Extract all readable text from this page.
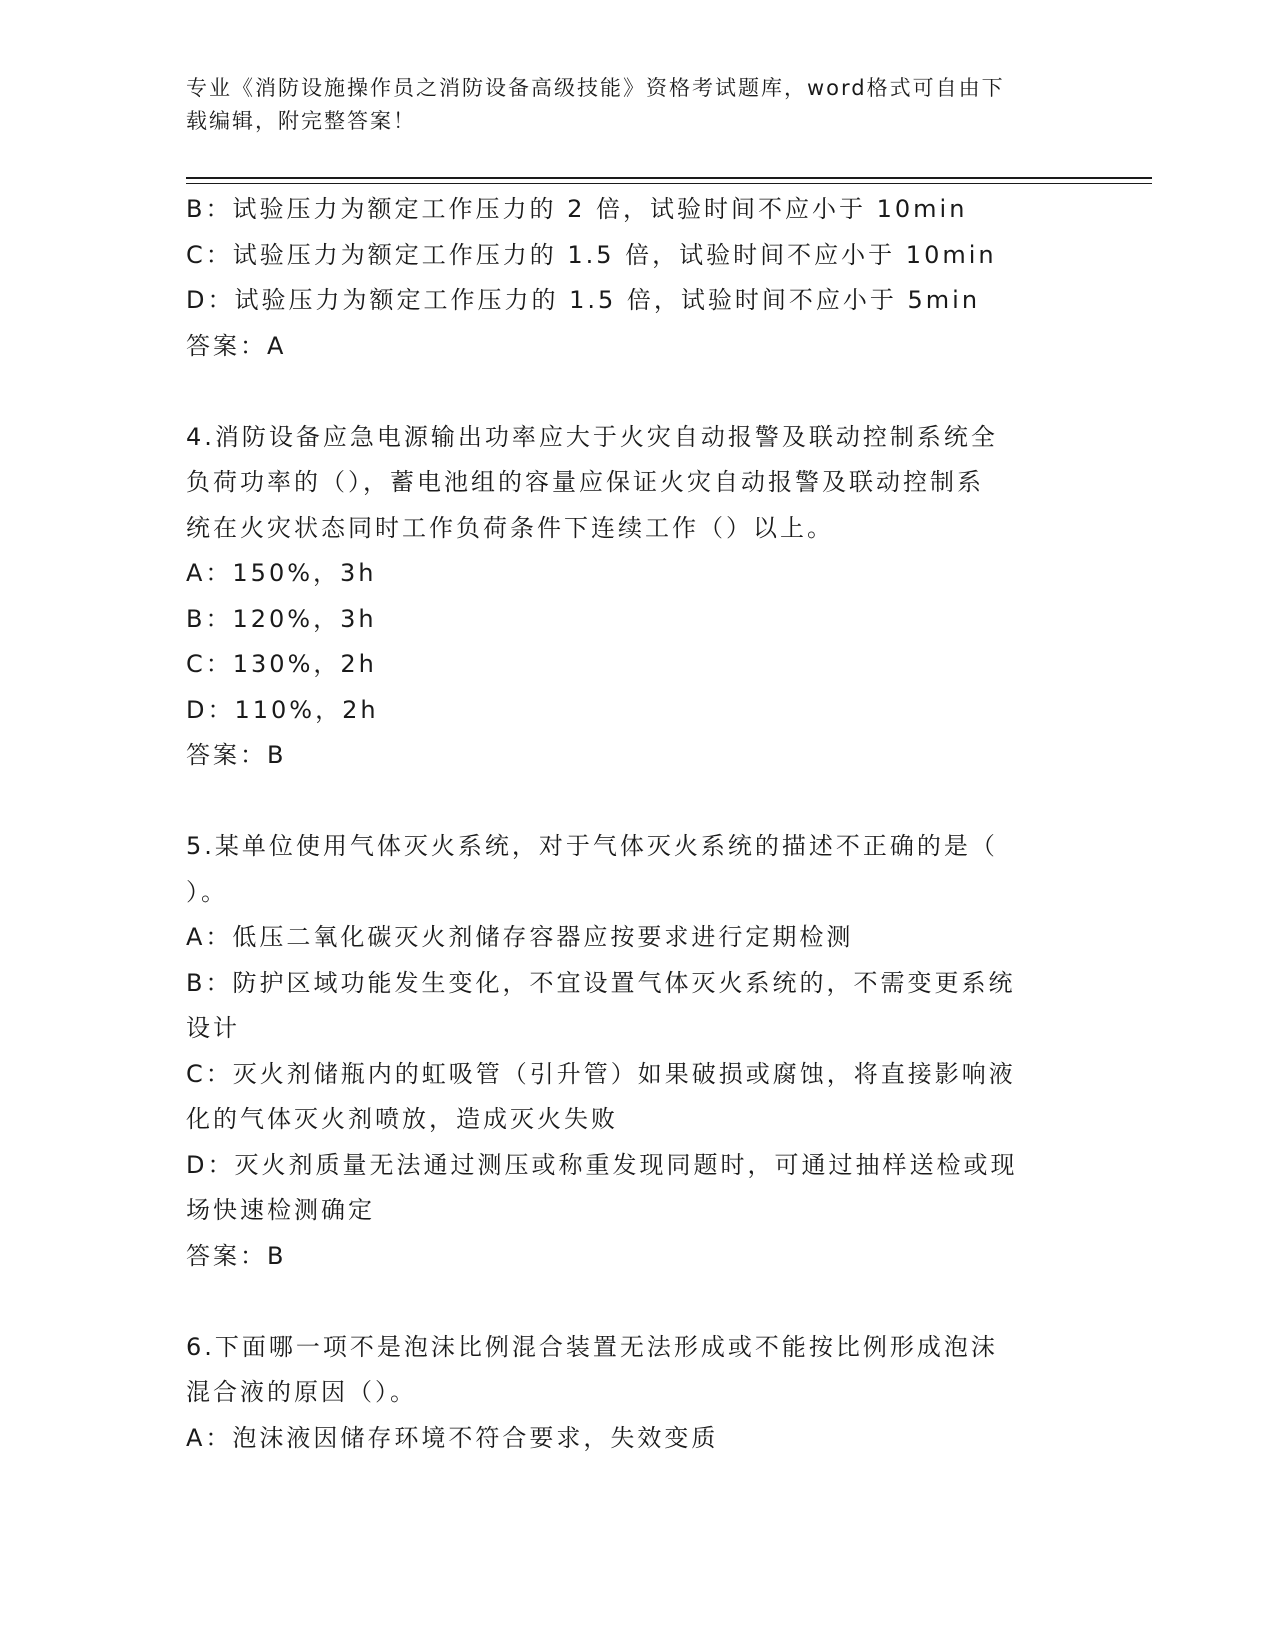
专业《消防设施操作员之消防设备高级技能》资格考试题库，word格式可自由下
载编辑，附完整答案！
B：试验压力为额定工作压力的 2 倍，试验时间不应小于 10min
C：试验压力为额定工作压力的 1.5 倍，试验时间不应小于 10min
D：试验压力为额定工作压力的 1.5 倍，试验时间不应小于 5min
答案：A
4.消防设备应急电源输出功率应大于火灾自动报警及联动控制系统全
负荷功率的（），蓄电池组的容量应保证火灾自动报警及联动控制系
统在火灾状态同时工作负荷条件下连续工作（）以上。
A：150%，3h
B：120%，3h
C：130%，2h
D：110%，2h
答案：B
5.某单位使用气体灭火系统，对于气体灭火系统的描述不正确的是（
）。
A：低压二氧化碳灭火剂储存容器应按要求进行定期检测
B：防护区域功能发生变化，不宜设置气体灭火系统的，不需变更系统
设计
C：灭火剂储瓶内的虹吸管（引升管）如果破损或腐蚀，将直接影响液
化的气体灭火剂喷放，造成灭火失败
D：灭火剂质量无法通过测压或称重发现同题时，可通过抽样送检或现
场快速检测确定
答案：B
6.下面哪一项不是泡沫比例混合装置无法形成或不能按比例形成泡沫
混合液的原因（）。
A：泡沫液因储存环境不符合要求，失效变质
